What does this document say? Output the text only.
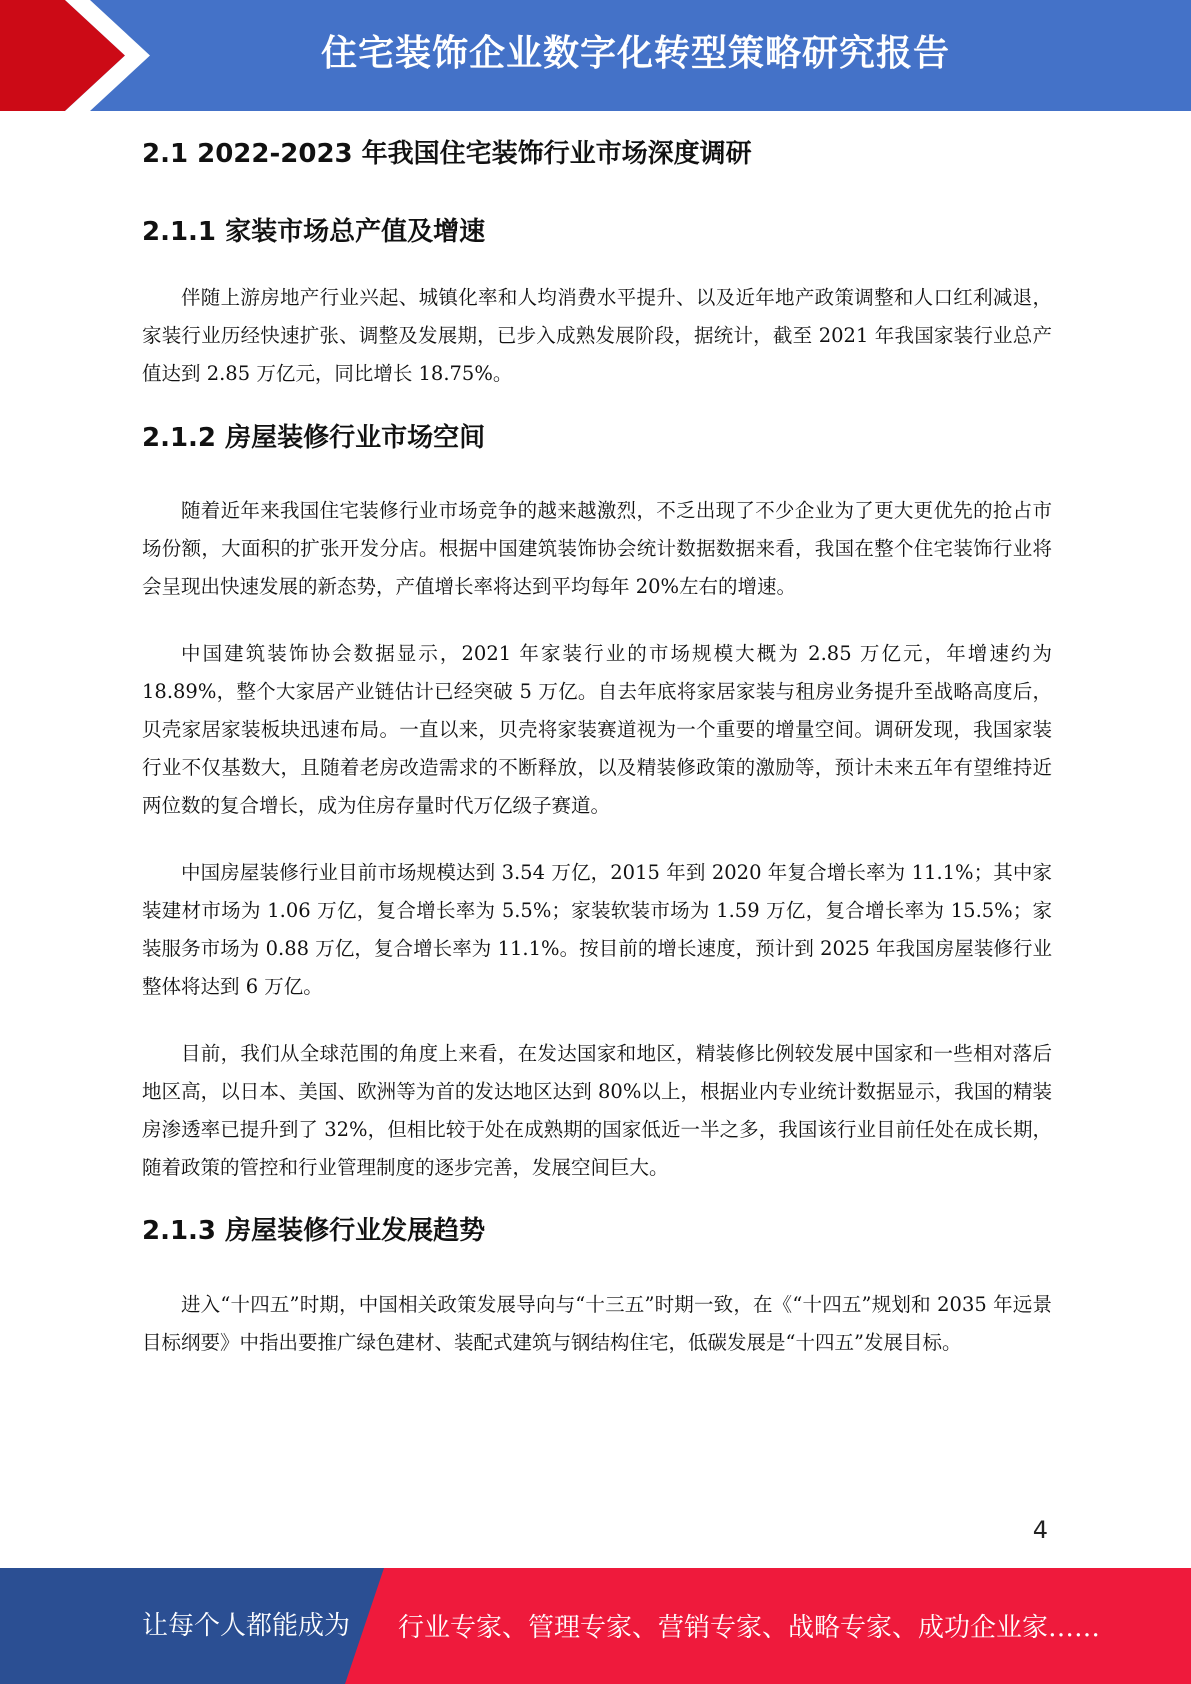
住宅装饰企业数字化转型策略研究报告
2.1 2022-2023 年我国住宅装饰行业市场深度调研
2.1.1 家装市场总产值及增速

伴随上游房地产行业兴起、城镇化率和人均消费水平提升、以及近年地产政策调整和人口红利减退，家装行业历经快速扩张、调整及发展期，已步入成熟发展阶段，据统计，截至 2021 年我国家装行业总产值达到 2.85 万亿元，同比增长 18.75%。

2.1.2 房屋装修行业市场空间

随着近年来我国住宅装修行业市场竞争的越来越激烈，不乏出现了不少企业为了更大更优先的抢占市场份额，大面积的扩张开发分店。根据中国建筑装饰协会统计数据数据来看，我国在整个住宅装饰行业将会呈现出快速发展的新态势，产值增长率将达到平均每年 20%左右的增速。

中国建筑装饰协会数据显示，2021 年家装行业的市场规模大概为 2.85 万亿元，年增速约为 18.89%，整个大家居产业链估计已经突破 5 万亿。自去年底将家居家装与租房业务提升至战略高度后，贝壳家居家装板块迅速布局。一直以来，贝壳将家装赛道视为一个重要的增量空间。调研发现，我国家装行业不仅基数大，且随着老房改造需求的不断释放，以及精装修政策的激励等，预计未来五年有望维持近两位数的复合增长，成为住房存量时代万亿级子赛道。

中国房屋装修行业目前市场规模达到 3.54 万亿，2015 年到 2020 年复合增长率为 11.1%；其中家装建材市场为 1.06 万亿，复合增长率为 5.5%；家装软装市场为 1.59 万亿，复合增长率为 15.5%；家装服务市场为 0.88 万亿，复合增长率为 11.1%。按目前的增长速度，预计到 2025 年我国房屋装修行业整体将达到 6 万亿。

目前，我们从全球范围的角度上来看，在发达国家和地区，精装修比例较发展中国家和一些相对落后地区高，以日本、美国、欧洲等为首的发达地区达到 80%以上，根据业内专业统计数据显示，我国的精装房渗透率已提升到了 32%，但相比较于处在成熟期的国家低近一半之多，我国该行业目前任处在成长期，随着政策的管控和行业管理制度的逐步完善，发展空间巨大。

2.1.3 房屋装修行业发展趋势

进入“十四五”时期，中国相关政策发展导向与“十三五”时期一致，在《“十四五”规划和 2035 年远景目标纲要》中指出要推广绿色建材、装配式建筑与钢结构住宅，低碳发展是“十四五”发展目标。

4
让每个人都能成为 行业专家、管理专家、营销专家、战略专家、成功企业家……
